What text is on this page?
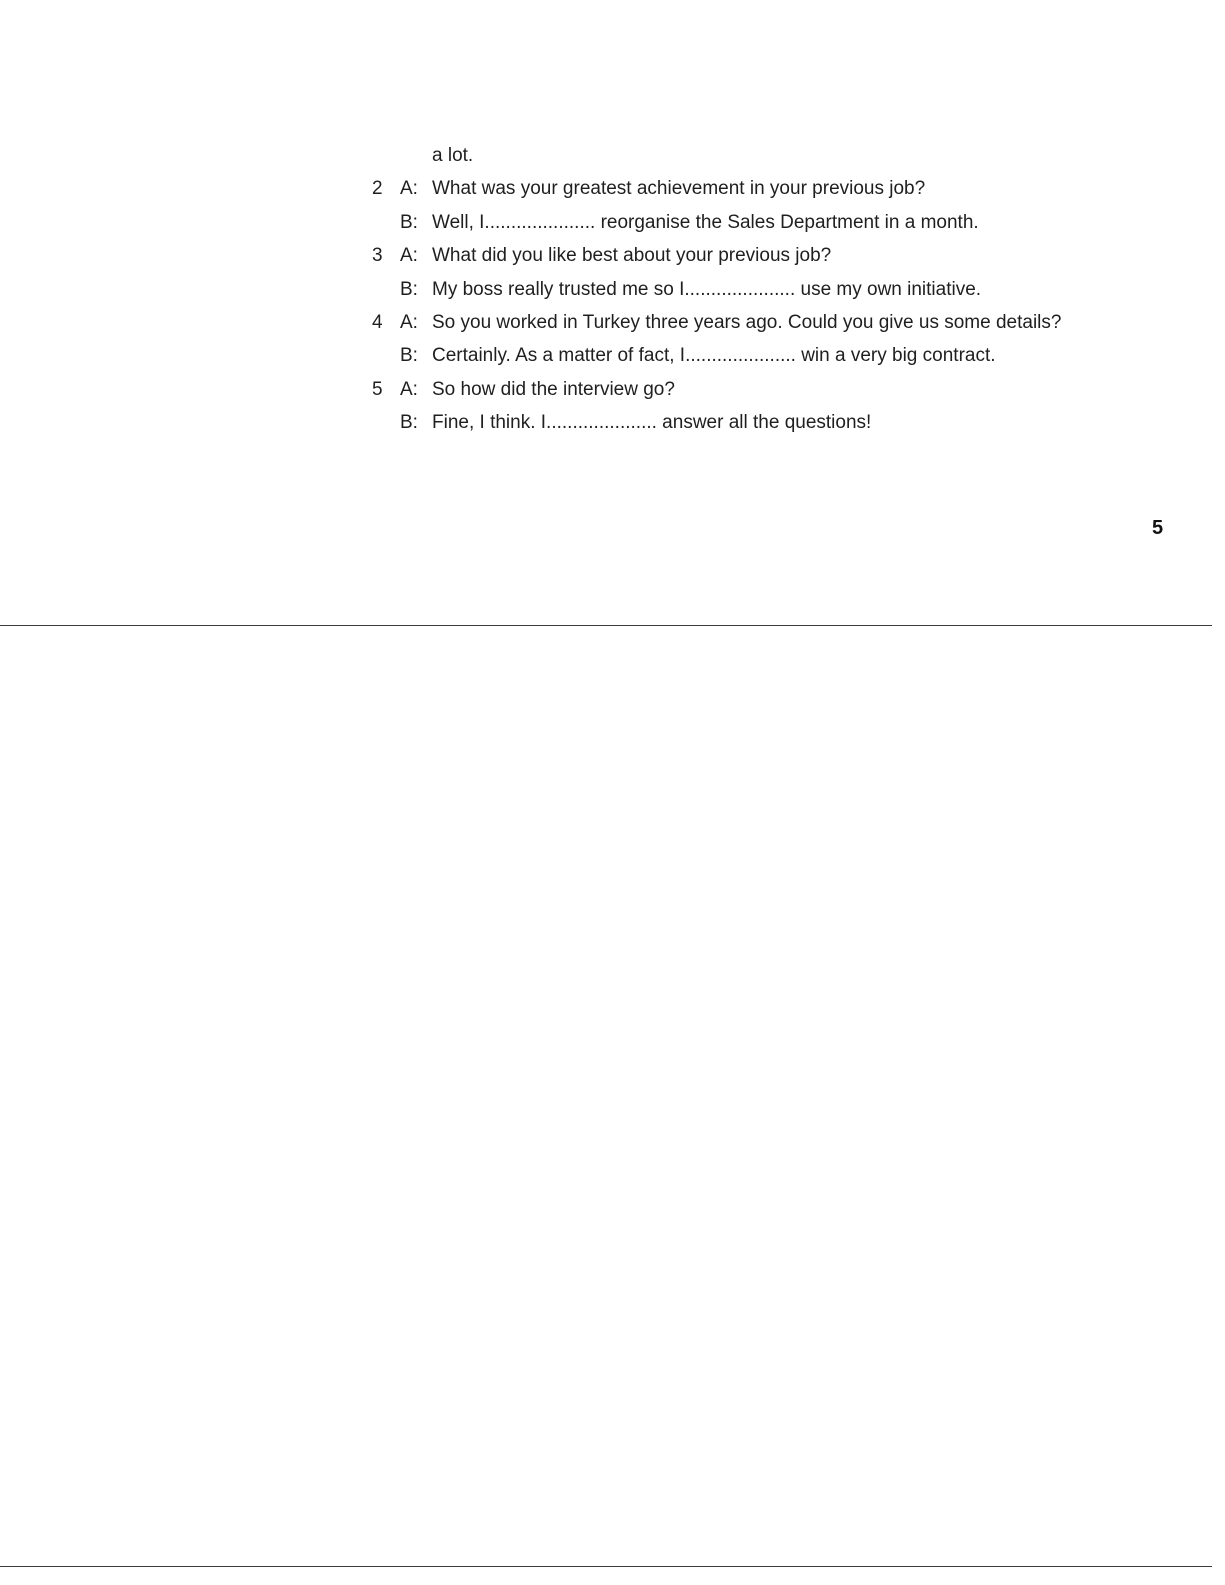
a lot.
2 A: What was your greatest achievement in your previous job?
B: Well, I..................... reorganise the Sales Department in a month.
3 A: What did you like best about your previous job?
B: My boss really trusted me so I..................... use my own initiative.
4 A: So you worked in Turkey three years ago. Could you give us some details?
B: Certainly. As a matter of fact, I..................... win a very big contract.
5 A: So how did the interview go?
B: Fine, I think. I..................... answer all the questions!
5
